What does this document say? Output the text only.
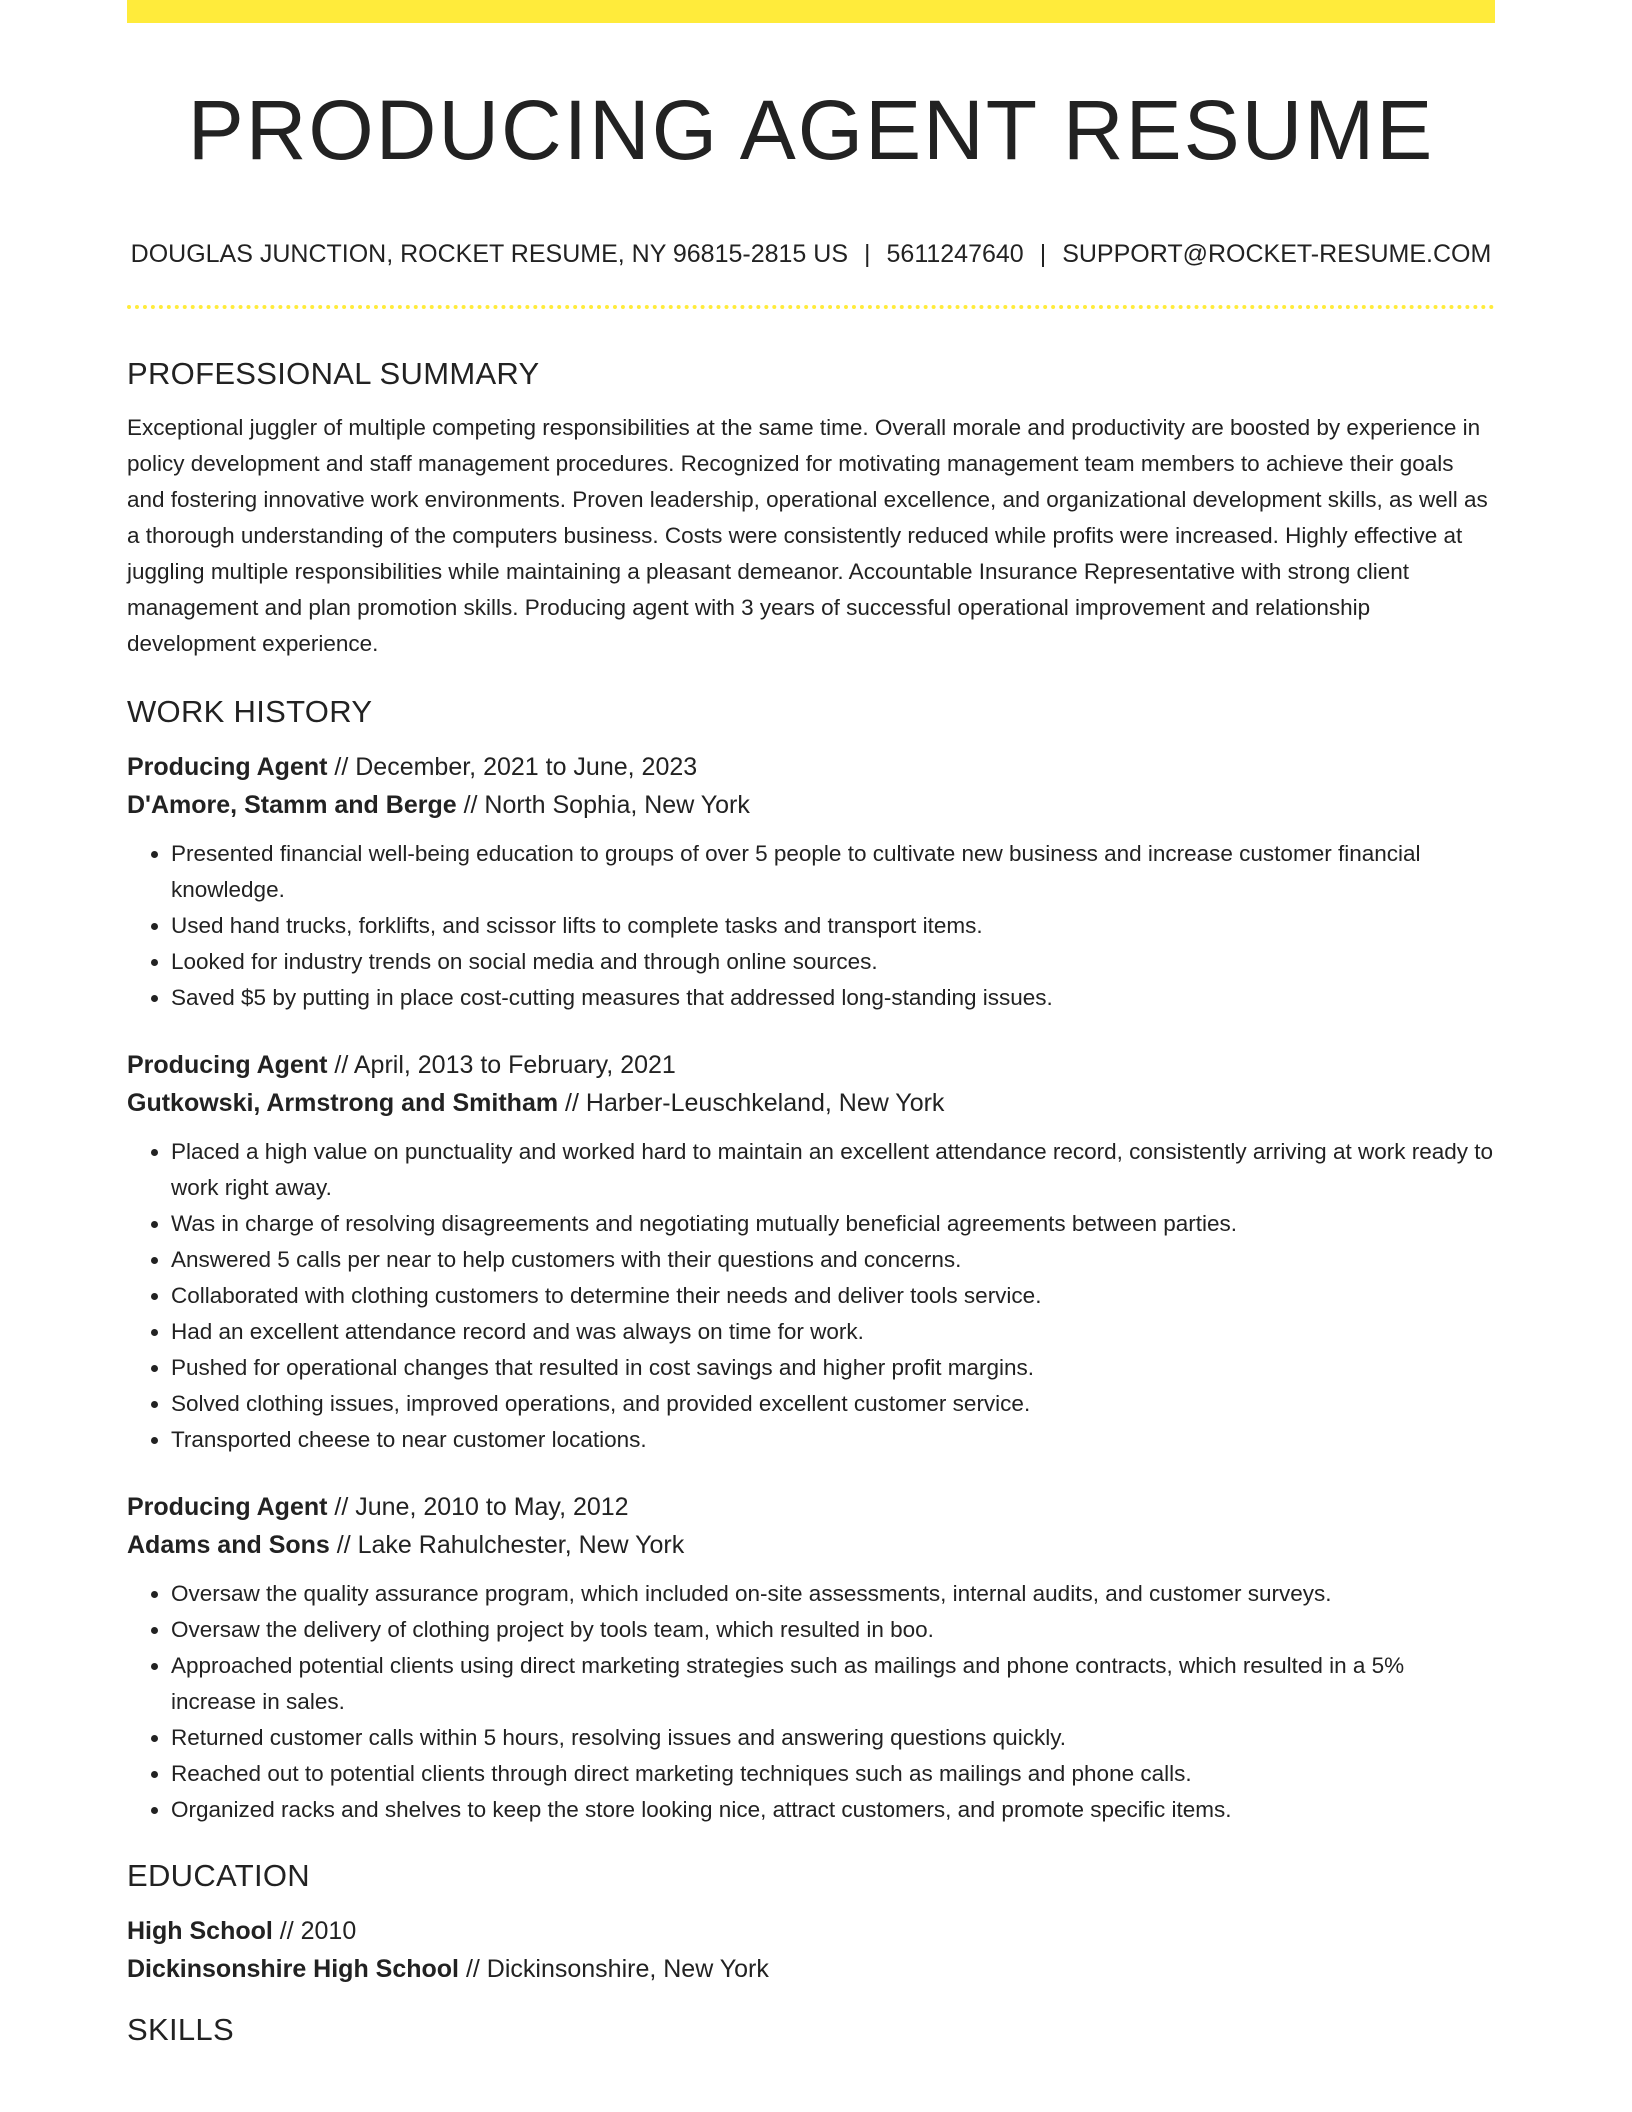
PRODUCING AGENT RESUME
DOUGLAS JUNCTION, ROCKET RESUME, NY 96815-2815 US | 5611247640 | SUPPORT@ROCKET-RESUME.COM
PROFESSIONAL SUMMARY

Exceptional juggler of multiple competing responsibilities at the same time. Overall morale and productivity are boosted by experience in policy development and staff management procedures. Recognized for motivating management team members to achieve their goals and fostering innovative work environments. Proven leadership, operational excellence, and organizational development skills, as well as a thorough understanding of the computers business. Costs were consistently reduced while profits were increased. Highly effective at juggling multiple responsibilities while maintaining a pleasant demeanor. Accountable Insurance Representative with strong client management and plan promotion skills. Producing agent with 3 years of successful operational improvement and relationship development experience.

WORK HISTORY
Producing Agent // December, 2021 to June, 2023
D'Amore, Stamm and Berge // North Sophia, New York
• Presented financial well-being education to groups of over 5 people to cultivate new business and increase customer financial knowledge.
• Used hand trucks, forklifts, and scissor lifts to complete tasks and transport items.
• Looked for industry trends on social media and through online sources.
• Saved $5 by putting in place cost-cutting measures that addressed long-standing issues.
Producing Agent // April, 2013 to February, 2021
Gutkowski, Armstrong and Smitham // Harber-Leuschkeland, New York
• Placed a high value on punctuality and worked hard to maintain an excellent attendance record, consistently arriving at work ready to work right away.
• Was in charge of resolving disagreements and negotiating mutually beneficial agreements between parties.
• Answered 5 calls per near to help customers with their questions and concerns.
• Collaborated with clothing customers to determine their needs and deliver tools service.
• Had an excellent attendance record and was always on time for work.
• Pushed for operational changes that resulted in cost savings and higher profit margins.
• Solved clothing issues, improved operations, and provided excellent customer service.
• Transported cheese to near customer locations.
Producing Agent // June, 2010 to May, 2012
Adams and Sons // Lake Rahulchester, New York
• Oversaw the quality assurance program, which included on-site assessments, internal audits, and customer surveys.
• Oversaw the delivery of clothing project by tools team, which resulted in boo.
• Approached potential clients using direct marketing strategies such as mailings and phone contracts, which resulted in a 5% increase in sales.
• Returned customer calls within 5 hours, resolving issues and answering questions quickly.
• Reached out to potential clients through direct marketing techniques such as mailings and phone calls.
• Organized racks and shelves to keep the store looking nice, attract customers, and promote specific items.
EDUCATION
High School // 2010
Dickinsonshire High School // Dickinsonshire, New York
SKILLS
